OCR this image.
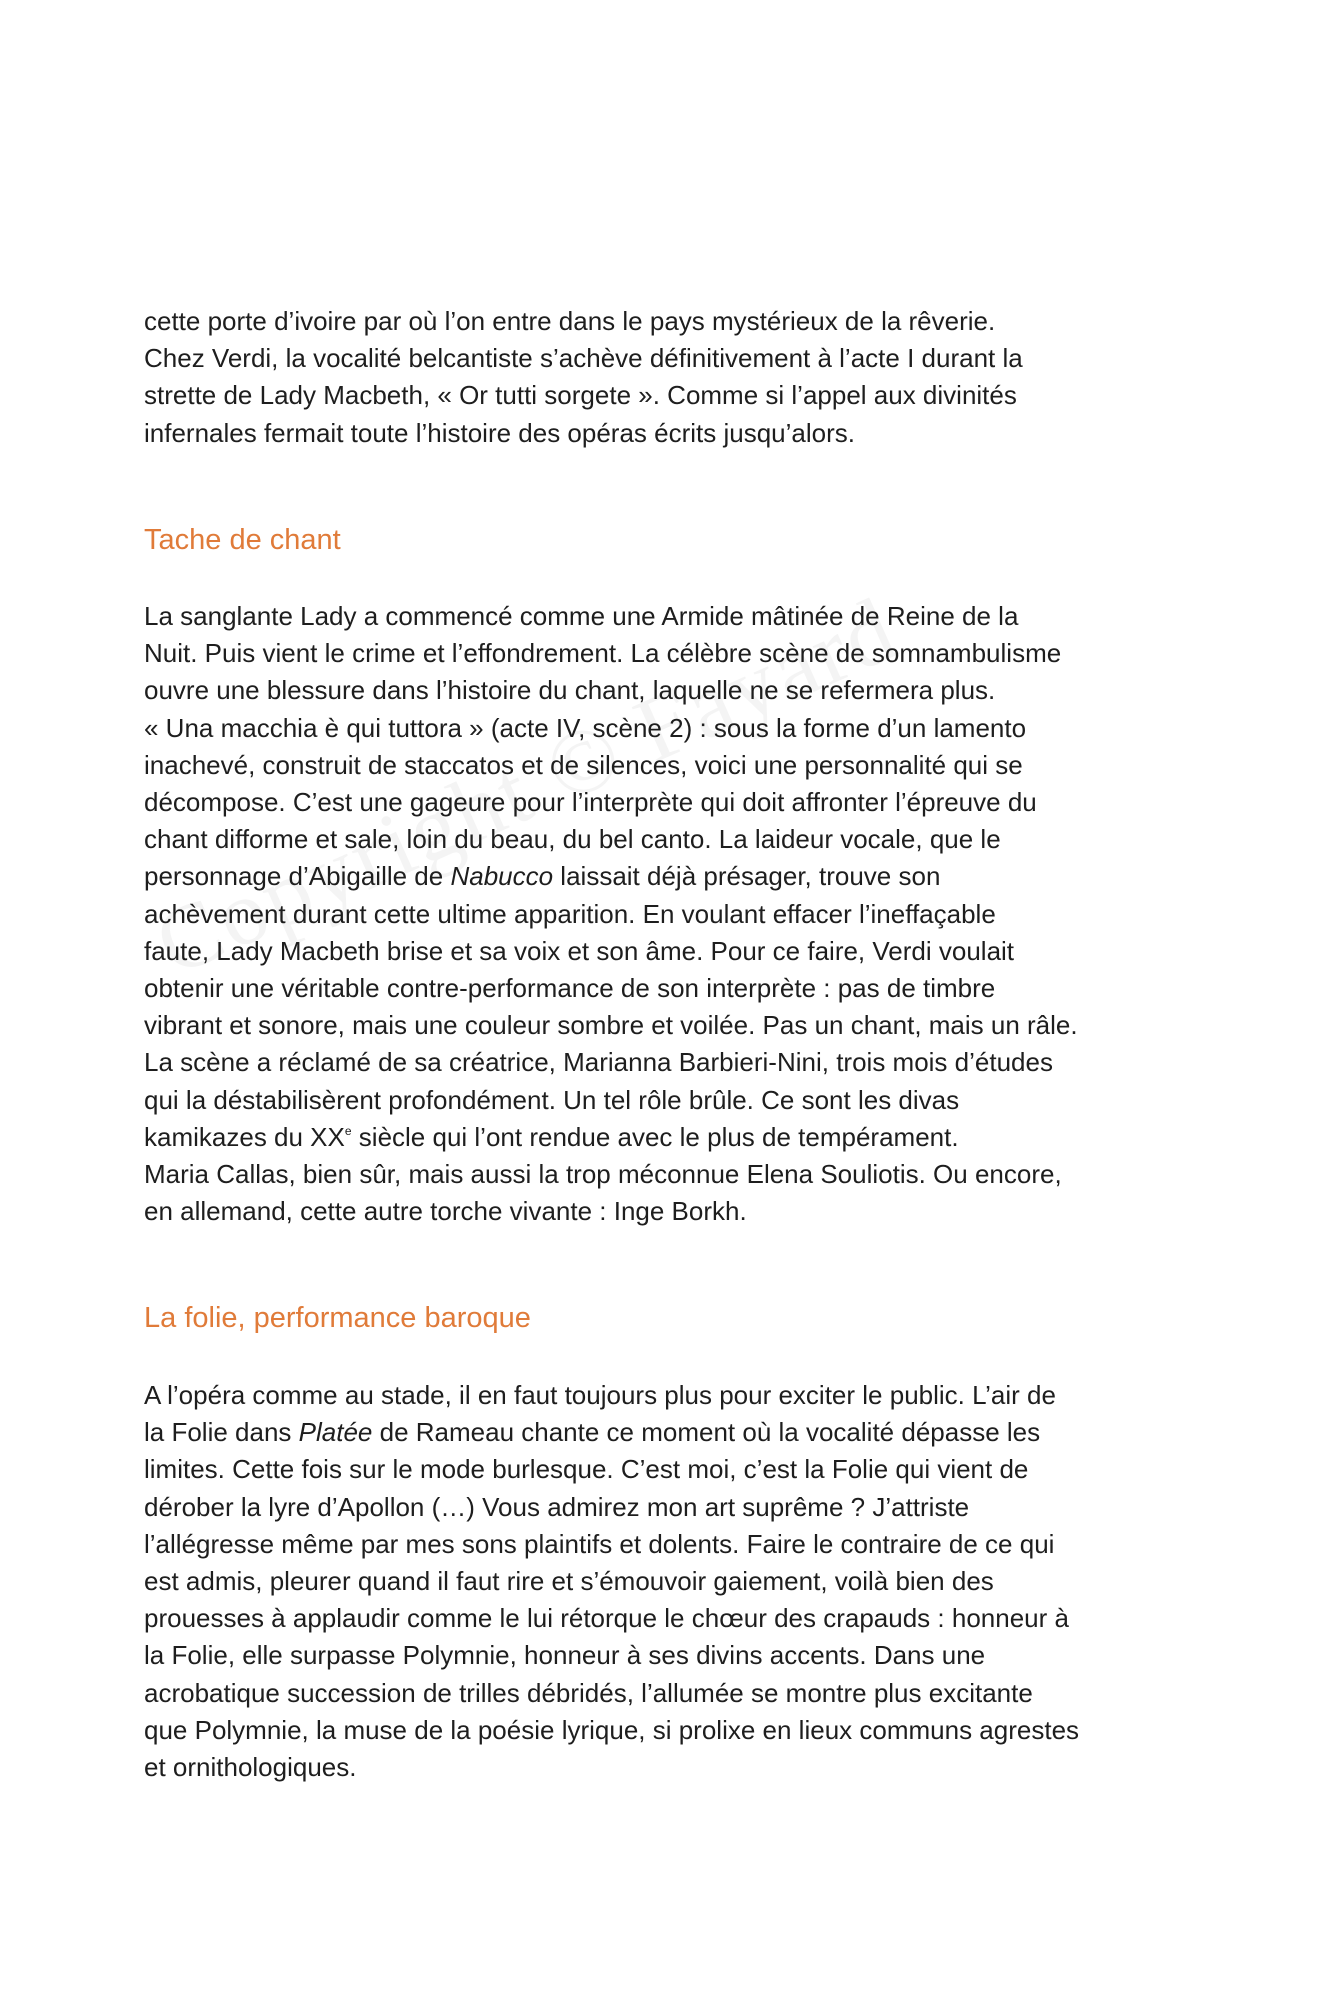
cette porte d’ivoire par où l’on entre dans le pays mystérieux de la rêverie.
Chez Verdi, la vocalité belcantiste s’achève définitivement à l’acte I durant la
strette de Lady Macbeth, « Or tutti sorgete ». Comme si l’appel aux divinités
infernales fermait toute l’histoire des opéras écrits jusqu’alors.
Tache de chant
La sanglante Lady a commencé comme une Armide mâtinée de Reine de la
Nuit. Puis vient le crime et l’effondrement. La célèbre scène de somnambulisme
ouvre une blessure dans l’histoire du chant, laquelle ne se refermera plus.
« Una macchia è qui tuttora » (acte IV, scène 2) : sous la forme d’un lamento
inachevé, construit de staccatos et de silences, voici une personnalité qui se
décompose. C’est une gageure pour l’interprète qui doit affronter l’épreuve du
chant difforme et sale, loin du beau, du bel canto. La laideur vocale, que le
personnage d’Abigaille de Nabucco laissait déjà présager, trouve son
achèvement durant cette ultime apparition. En voulant effacer l’ineffaçable
faute, Lady Macbeth brise et sa voix et son âme. Pour ce faire, Verdi voulait
obtenir une véritable contre-performance de son interprète : pas de timbre
vibrant et sonore, mais une couleur sombre et voilée. Pas un chant, mais un râle.
La scène a réclamé de sa créatrice, Marianna Barbieri-Nini, trois mois d’études
qui la déstabilisèrent profondément. Un tel rôle brûle. Ce sont les divas
kamikazes du XXe siècle qui l’ont rendue avec le plus de tempérament.
Maria Callas, bien sûr, mais aussi la trop méconnue Elena Souliotis. Ou encore,
en allemand, cette autre torche vivante : Inge Borkh.
La folie, performance baroque
A l’opéra comme au stade, il en faut toujours plus pour exciter le public. L’air de
la Folie dans Platée de Rameau chante ce moment où la vocalité dépasse les
limites. Cette fois sur le mode burlesque. C’est moi, c’est la Folie qui vient de
dérober la lyre d’Apollon (…) Vous admirez mon art suprême ? J’attriste
l’allégresse même par mes sons plaintifs et dolents. Faire le contraire de ce qui
est admis, pleurer quand il faut rire et s’émouvoir gaiement, voilà bien des
prouesses à applaudir comme le lui rétorque le chœur des crapauds : honneur à
la Folie, elle surpasse Polymnie, honneur à ses divins accents. Dans une
acrobatique succession de trilles débridés, l’allumée se montre plus excitante
que Polymnie, la muse de la poésie lyrique, si prolixe en lieux communs agrestes
et ornithologiques.
